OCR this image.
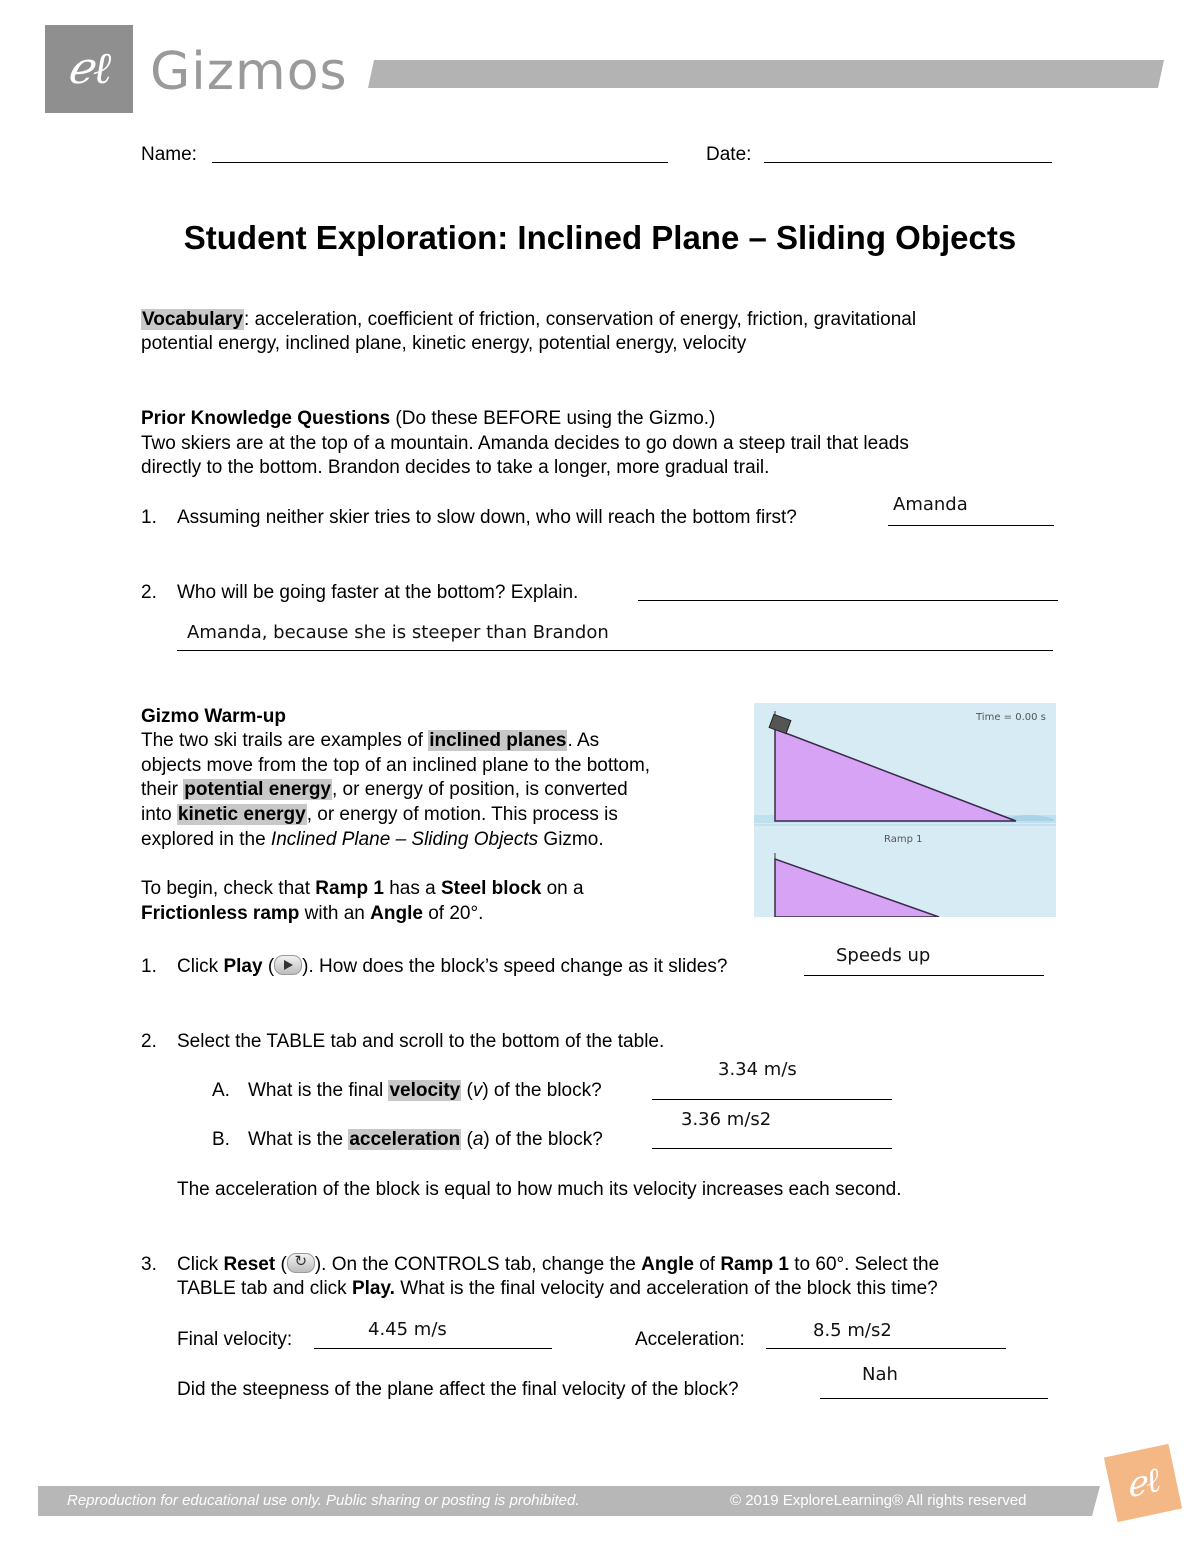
ℯℓ Gizmos
Name:	Date:
Student Exploration: Inclined Plane – Sliding Objects
Vocabulary: acceleration, coefficient of friction, conservation of energy, friction, gravitational
potential energy, inclined plane, kinetic energy, potential energy, velocity
Prior Knowledge Questions (Do these BEFORE using the Gizmo.)
Two skiers are at the top of a mountain. Amanda decides to go down a steep trail that leads
directly to the bottom. Brandon decides to take a longer, more gradual trail.
1. Assuming neither skier tries to slow down, who will reach the bottom first?
Amanda
2. Who will be going faster at the bottom? Explain.
Amanda, because she is steeper than Brandon
Gizmo Warm-up
The two ski trails are examples of inclined planes. As
objects move from the top of an inclined plane to the bottom,
their potential energy, or energy of position, is converted
into kinetic energy, or energy of motion. This process is
explored in the Inclined Plane – Sliding Objects Gizmo.
To begin, check that Ramp 1 has a Steel block on a
Frictionless ramp with an Angle of 20°.
Time = 0.00 s
Ramp 1
1. Click Play ( ). How does the block’s speed change as it slides?
Speeds up
2. Select the TABLE tab and scroll to the bottom of the table.
A. What is the final velocity (v) of the block?
3.34 m/s
B. What is the acceleration (a) of the block?
3.36 m/s2
The acceleration of the block is equal to how much its velocity increases each second.
3. Click Reset ( ↻ ). On the CONTROLS tab, change the Angle of Ramp 1 to 60°. Select the
TABLE tab and click Play. What is the final velocity and acceleration of the block this time?
Final velocity:	4.45 m/s	Acceleration:	8.5 m/s2
Did the steepness of the plane affect the final velocity of the block?
Nah
Reproduction for educational use only. Public sharing or posting is prohibited.	© 2019 ExploreLearning® All rights reserved	ℯℓ
